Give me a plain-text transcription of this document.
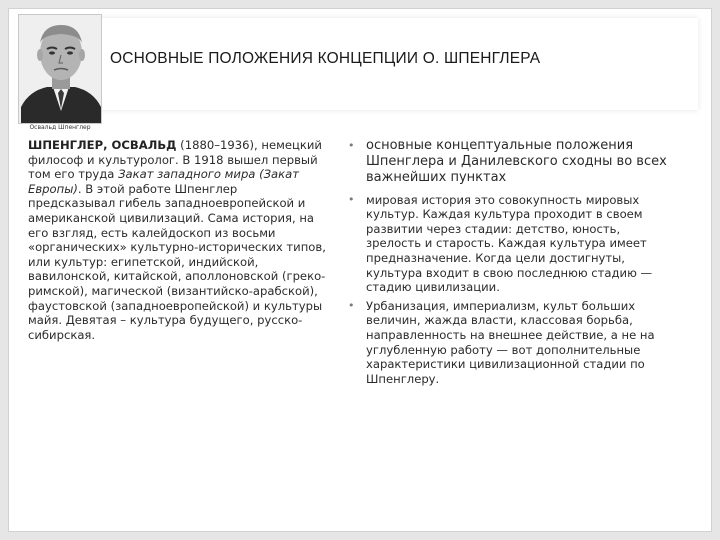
ОСНОВНЫЕ ПОЛОЖЕНИЯ КОНЦЕПЦИИ О. ШПЕНГЛЕРА
Освальд Шпенглер
ШПЕНГЛЕР, ОСВАЛЬД (1880–1936), немецкий философ и культуролог. В 1918 вышел первый том его труда Закат западного мира (Закат Европы). В этой работе Шпенглер предсказывал гибель западноевропейской и американской цивилизаций. Сама история, на его взгляд, есть калейдоскоп из восьми «органических» культурно-исторических типов, или культур: египетской, индийской, вавилонской, китайской, аполлоновской (греко-римской), магической (византийско-арабской), фаустовской (западноевропейской) и культуры майя. Девятая – культура будущего, русско-сибирская.
• основные концептуальные положения Шпенглера и Данилевского сходны во всех важнейших пунктах
• мировая история это совокупность мировых культур. Каждая культура проходит в своем развитии через стадии: детство, юность, зрелость и старость. Каждая культура имеет предназначение. Когда цели достигнуты, культура входит в свою последнюю стадию — стадию цивилизации.
• Урбанизация, империализм, культ больших величин, жажда власти, классовая борьба, направленность на внешнее действие, а не на углубленную работу — вот дополнительные характеристики цивилизационной стадии по Шпенглеру.
